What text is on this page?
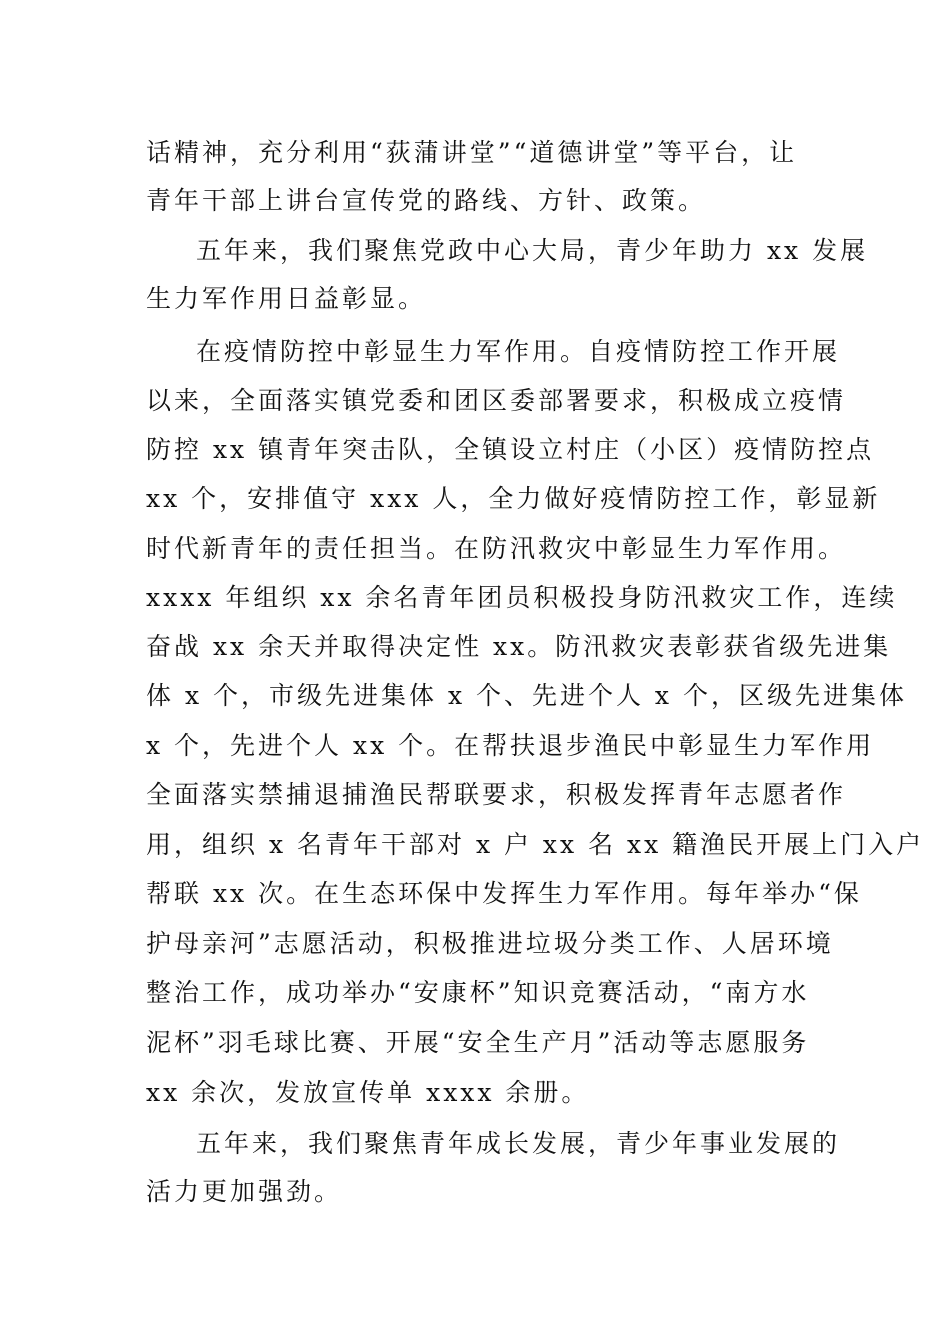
话精神，充分利用“荻蒲讲堂”“道德讲堂”等平台，让
青年干部上讲台宣传党的路线、方针、政策。
五年来，我们聚焦党政中心大局，青少年助力 xx 发展
生力军作用日益彰显。
在疫情防控中彰显生力军作用。自疫情防控工作开展
以来，全面落实镇党委和团区委部署要求，积极成立疫情
防控 xx 镇青年突击队，全镇设立村庄（小区）疫情防控点
xx 个，安排值守 xxx 人，全力做好疫情防控工作，彰显新
时代新青年的责任担当。在防汛救灾中彰显生力军作用。
xxxx 年组织 xx 余名青年团员积极投身防汛救灾工作，连续
奋战 xx 余天并取得决定性 xx。防汛救灾表彰获省级先进集
体 x 个，市级先进集体 x 个、先进个人 x 个，区级先进集体
x 个，先进个人 xx 个。在帮扶退步渔民中彰显生力军作用
全面落实禁捕退捕渔民帮联要求，积极发挥青年志愿者作
用，组织 x 名青年干部对 x 户 xx 名 xx 籍渔民开展上门入户
帮联 xx 次。在生态环保中发挥生力军作用。每年举办“保
护母亲河”志愿活动，积极推进垃圾分类工作、人居环境
整治工作，成功举办“安康杯”知识竞赛活动，“南方水
泥杯”羽毛球比赛、开展“安全生产月”活动等志愿服务
xx 余次，发放宣传单 xxxx 余册。
五年来，我们聚焦青年成长发展，青少年事业发展的
活力更加强劲。
